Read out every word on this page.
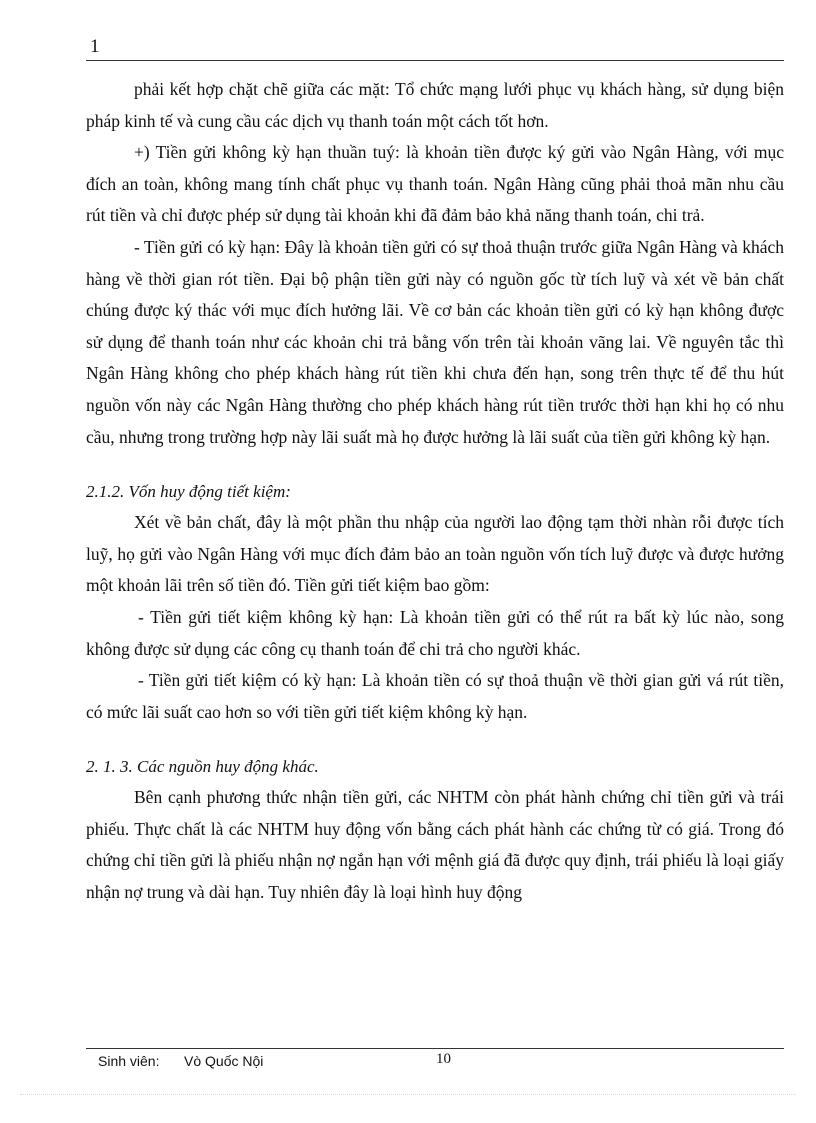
1

phải kết hợp chặt chẽ giữa các mặt: Tổ chức mạng lưới phục vụ khách hàng, sử dụng biện pháp kinh tế và cung cầu các dịch vụ thanh toán một cách tốt hơn.

+) Tiền gửi không kỳ hạn thuần tuý: là khoản tiền được ký gửi vào Ngân Hàng, với mục đích an toàn, không mang tính chất phục vụ thanh toán. Ngân Hàng cũng phải thoả mãn nhu cầu rút tiền và chỉ được phép sử dụng tài khoản khi đã đảm bảo khả năng thanh toán, chi trả.

- Tiền gửi có kỳ hạn: Đây là khoản tiền gửi có sự thoả thuận trước giữa Ngân Hàng và khách hàng về thời gian rót tiền. Đại bộ phận tiền gửi này có nguồn gốc từ tích luỹ và xét về bản chất chúng được ký thác với mục đích hưởng lãi. Về cơ bản các khoản tiền gửi có kỳ hạn không được sử dụng để thanh toán như các khoản chi trả bằng vốn trên tài khoản vãng lai. Về nguyên tắc thì Ngân Hàng không cho phép khách hàng rút tiền khi chưa đến hạn, song trên thực tế để thu hút nguồn vốn này các Ngân Hàng thường cho phép khách hàng rút tiền trước thời hạn khi họ có nhu cầu, nhưng trong trường hợp này lãi suất mà họ được hưởng là lãi suất của tiền gửi không kỳ hạn.

2.1.2. Vốn huy động tiết kiệm:

Xét về bản chất, đây là một phần thu nhập của người lao động tạm thời nhàn rỗi được tích luỹ, họ gửi vào Ngân Hàng với mục đích đảm bảo an toàn nguồn vốn tích luỹ được và được hưởng một khoản lãi trên số tiền đó. Tiền gửi tiết kiệm bao gồm:

- Tiền gửi tiết kiệm không kỳ hạn: Là khoản tiền gửi có thể rút ra bất kỳ lúc nào, song không được sử dụng các công cụ thanh toán để chi trả cho người khác.

- Tiền gửi tiết kiệm có kỳ hạn: Là khoản tiền có sự thoả thuận về thời gian gửi vá rút tiền, có mức lãi suất cao hơn so với tiền gửi tiết kiệm không kỳ hạn.

2. 1. 3. Các nguồn huy động khác.

Bên cạnh phương thức nhận tiền gửi, các NHTM còn phát hành chứng chỉ tiền gửi và trái phiếu. Thực chất là các NHTM huy động vốn bằng cách phát hành các chứng từ có giá. Trong đó chứng chỉ tiền gửi là phiếu nhận nợ ngắn hạn với mệnh giá đã được quy định, trái phiếu là loại giấy nhận nợ trung và dài hạn. Tuy nhiên đây là loại hình huy động

Sinh viên: Vò Quốc Nội	10
